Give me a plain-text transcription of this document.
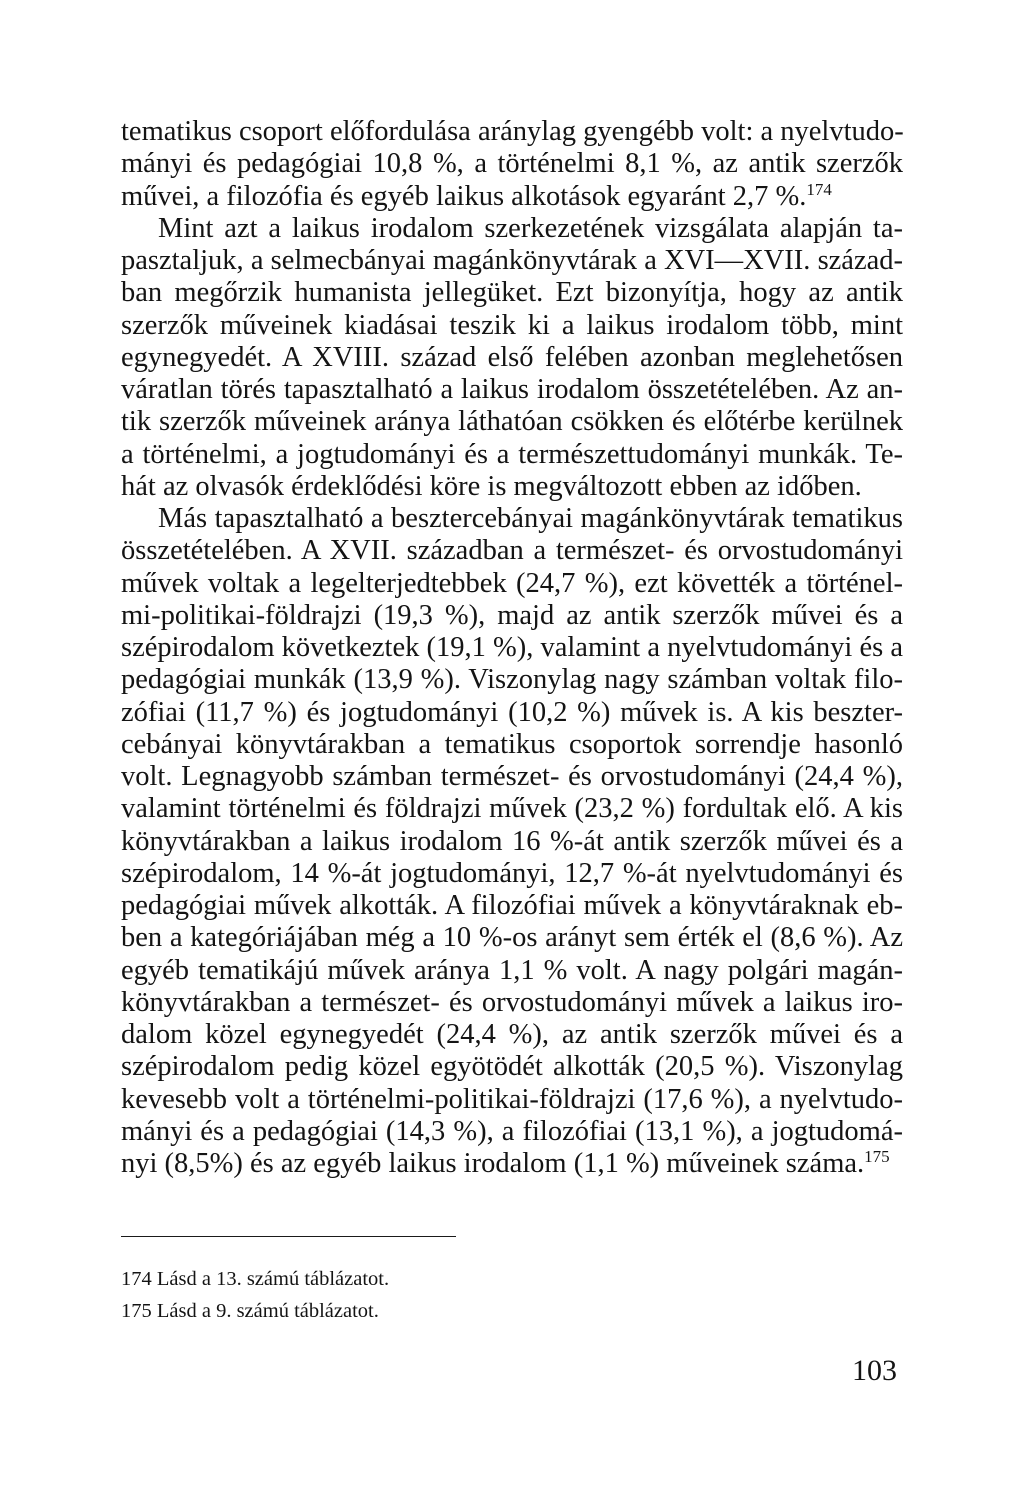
tematikus csoport előfordulása aránylag gyengébb volt: a nyelvtudo-
mányi és pedagógiai 10,8 %, a történelmi 8,1 %, az antik szerzők
művei, a filozófia és egyéb laikus alkotások egyaránt 2,7 %.$^{174}$
Mint azt a laikus irodalom szerkezetének vizsgálata alapján ta-
pasztaljuk, a selmecbányai magánkönyvtárak a XVI—XVII. század-
ban megőrzik humanista jellegüket. Ezt bizonyítja, hogy az antik
szerzők műveinek kiadásai teszik ki a laikus irodalom több, mint
egynegyedét. A XVIII. század első felében azonban meglehetősen
váratlan törés tapasztalható a laikus irodalom összetételében. Az an-
tik szerzők műveinek aránya láthatóan csökken és előtérbe kerülnek
a történelmi, a jogtudományi és a természettudományi munkák. Te-
hát az olvasók érdeklődési köre is megváltozott ebben az időben.
Más tapasztalható a besztercebányai magánkönyvtárak tematikus
összetételében. A XVII. században a természet- és orvostudományi
művek voltak a legelterjedtebbek (24,7 %), ezt követték a történel-
mi-politikai-földrajzi (19,3 %), majd az antik szerzők művei és a
szépirodalom következtek (19,1 %), valamint a nyelvtudományi és a
pedagógiai munkák (13,9 %). Viszonylag nagy számban voltak filo-
zófiai (11,7 %) és jogtudományi (10,2 %) művek is. A kis beszter-
cebányai könyvtárakban a tematikus csoportok sorrendje hasonló
volt. Legnagyobb számban természet- és orvostudományi (24,4 %),
valamint történelmi és földrajzi művek (23,2 %) fordultak elő. A kis
könyvtárakban a laikus irodalom 16 %-át antik szerzők művei és a
szépirodalom, 14 %-át jogtudományi, 12,7 %-át nyelvtudományi és
pedagógiai művek alkották. A filozófiai művek a könyvtáraknak eb-
ben a kategóriájában még a 10 %-os arányt sem érték el (8,6 %). Az
egyéb tematikájú művek aránya 1,1 % volt. A nagy polgári magán-
könyvtárakban a természet- és orvostudományi művek a laikus iro-
dalom közel egynegyedét (24,4 %), az antik szerzők művei és a
szépirodalom pedig közel egyötödét alkották (20,5 %). Viszonylag
kevesebb volt a történelmi-politikai-földrajzi (17,6 %), a nyelvtudo-
mányi és a pedagógiai (14,3 %), a filozófiai (13,1 %), a jogtudomá-
nyi (8,5%) és az egyéb laikus irodalom (1,1 %) műveinek száma.$^{175}$
174 Lásd a 13. számú táblázatot.
175 Lásd a 9. számú táblázatot.
103
